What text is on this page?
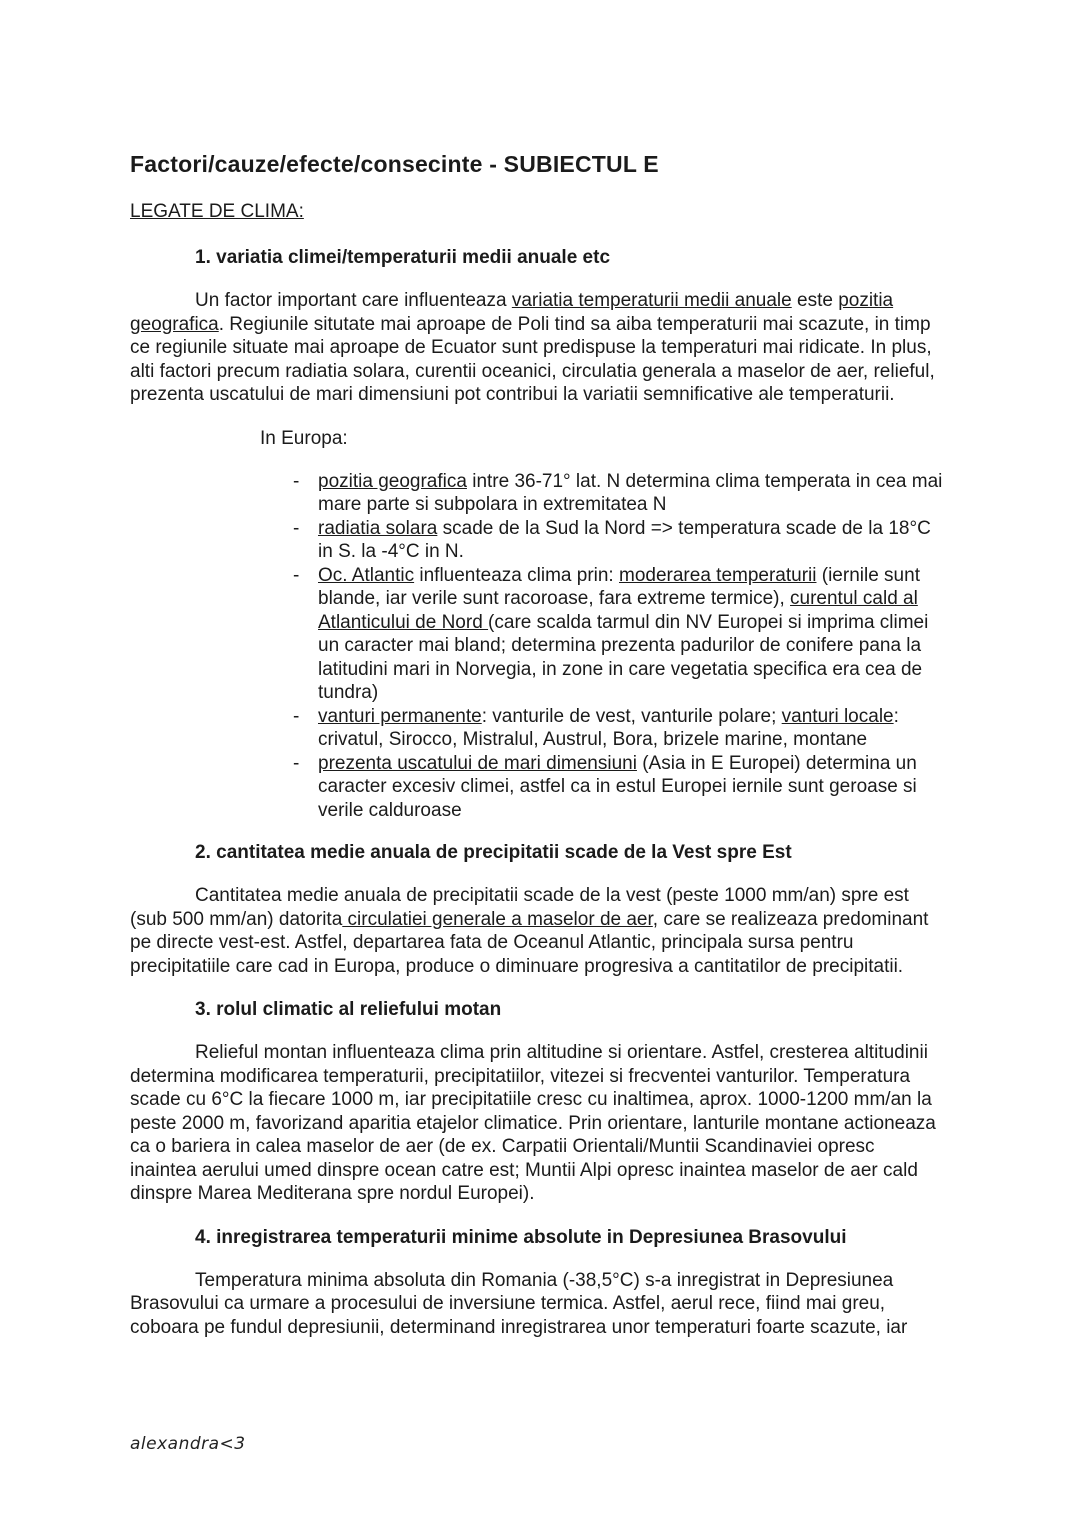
Factori/cauze/efecte/consecinte - SUBIECTUL E
LEGATE DE CLIMA:
1. variatia climei/temperaturii medii anuale etc

Un factor important care influenteaza variatia temperaturii medii anuale este pozitia geografica. Regiunile situtate mai aproape de Poli tind sa aiba temperaturii mai scazute, in timp ce regiunile situate mai aproape de Ecuator sunt predispuse la temperaturi mai ridicate. In plus, alti factori precum radiatia solara, curentii oceanici, circulatia generala a maselor de aer, relieful, prezenta uscatului de mari dimensiuni pot contribui la variatii semnificative ale temperaturii.

In Europa:
- pozitia geografica intre 36-71° lat. N determina clima temperata in cea mai mare parte si subpolara in extremitatea N
- radiatia solara scade de la Sud la Nord => temperatura scade de la 18°C in S. la -4°C in N.
- Oc. Atlantic influenteaza clima prin: moderarea temperaturii (iernile sunt blande, iar verile sunt racoroase, fara extreme termice), curentul cald al Atlanticului de Nord (care scalda tarmul din NV Europei si imprima climei un caracter mai bland; determina prezenta padurilor de conifere pana la latitudini mari in Norvegia, in zone in care vegetatia specifica era cea de tundra)
- vanturi permanente: vanturile de vest, vanturile polare; vanturi locale: crivatul, Sirocco, Mistralul, Austrul, Bora, brizele marine, montane
- prezenta uscatului de mari dimensiuni (Asia in E Europei) determina un caracter excesiv climei, astfel ca in estul Europei iernile sunt geroase si verile calduroase
2. cantitatea medie anuala de precipitatii scade de la Vest spre Est

Cantitatea medie anuala de precipitatii scade de la vest (peste 1000 mm/an) spre est (sub 500 mm/an) datorita circulatiei generale a maselor de aer, care se realizeaza predominant pe directe vest-est. Astfel, departarea fata de Oceanul Atlantic, principala sursa pentru precipitatiile care cad in Europa, produce o diminuare progresiva a cantitatilor de precipitatii.

3. rolul climatic al reliefului motan

Relieful montan influenteaza clima prin altitudine si orientare. Astfel, cresterea altitudinii determina modificarea temperaturii, precipitatiilor, vitezei si frecventei vanturilor. Temperatura scade cu 6°C la fiecare 1000 m, iar precipitatiile cresc cu inaltimea, aprox. 1000-1200 mm/an la peste 2000 m, favorizand aparitia etajelor climatice. Prin orientare, lanturile montane actioneaza ca o bariera in calea maselor de aer (de ex. Carpatii Orientali/Muntii Scandinaviei opresc inaintea aerului umed dinspre ocean catre est; Muntii Alpi opresc inaintea maselor de aer cald dinspre Marea Mediterana spre nordul Europei).

4. inregistrarea temperaturii minime absolute in Depresiunea Brasovului

Temperatura minima absoluta din Romania (-38,5°C) s-a inregistrat in Depresiunea Brasovului ca urmare a procesului de inversiune termica. Astfel, aerul rece, fiind mai greu, coboara pe fundul depresiunii, determinand inregistrarea unor temperaturi foarte scazute, iar

alexandra<3
